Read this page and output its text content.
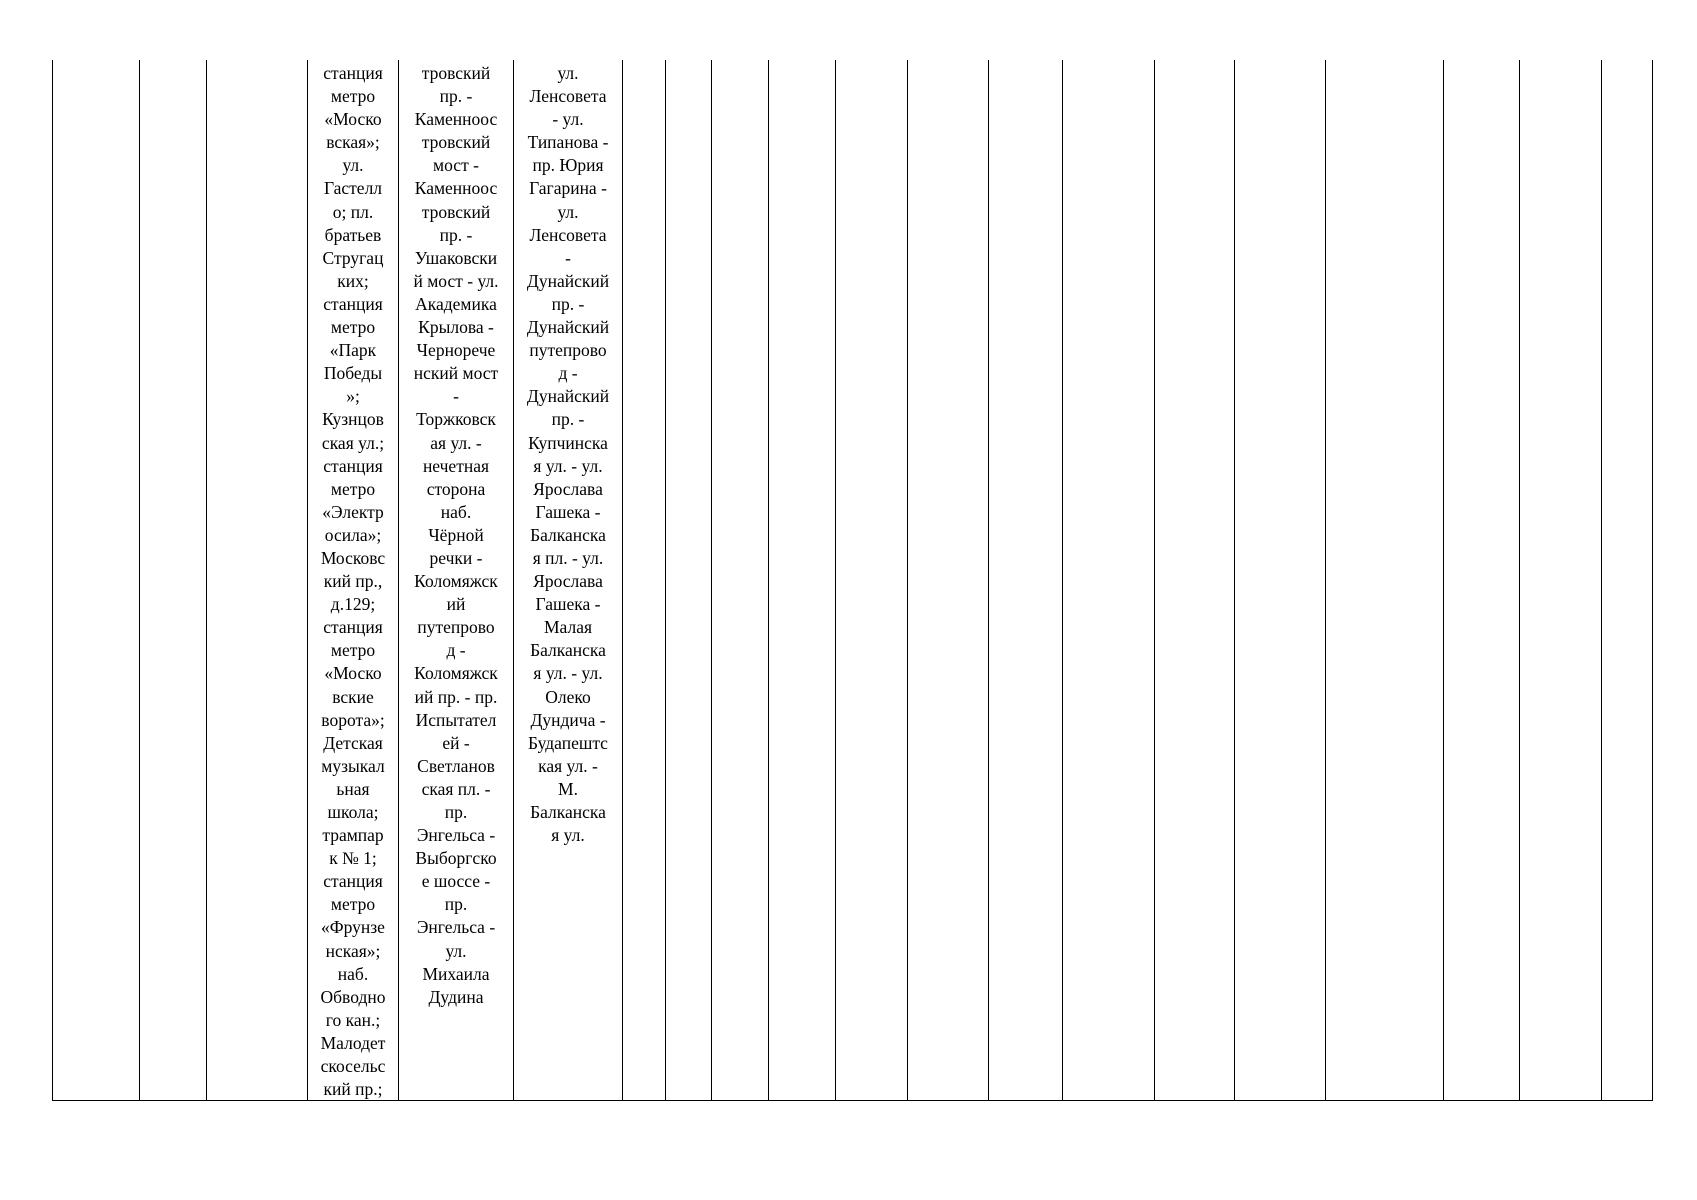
станция
метро
«Моско
вская»;
ул.
Гастелл
о; пл.
братьев
Стругац
ких;
станция
метро
«Парк
Победы
»;
Кузнцов
ская ул.;
станция
метро
«Электр
осила»;
Московс
кий пр.,
д.129;
станция
метро
«Моско
вские
ворота»;
Детская
музыкал
ьная
школа;
трампар
к № 1;
станция
метро
«Фрунзе
нская»;
наб.
Обводно
го кан.;
Малодет
скосельс
кий пр.;
тровский
пр. -
Каменноос
тровский
мост -
Каменноос
тровский
пр. -
Ушаковски
й мост - ул.
Академика
Крылова -
Чернорече
нский мост
-
Торжковск
ая ул. -
нечетная
сторона
наб.
Чёрной
речки -
Коломяжск
ий
путепрово
д -
Коломяжск
ий пр. - пр.
Испытател
ей -
Светланов
ская пл. -
пр.
Энгельса -
Выборгско
е шоссе -
пр.
Энгельса -
ул.
Михаила
Дудина
ул.
Ленсовета
- ул.
Типанова -
пр. Юрия
Гагарина -
ул.
Ленсовета
-
Дунайский
пр. -
Дунайский
путепрово
д -
Дунайский
пр. -
Купчинска
я ул. - ул.
Ярослава
Гашека -
Балканска
я пл. - ул.
Ярослава
Гашека -
Малая
Балканска
я ул. - ул.
Олеко
Дундича -
Будапештс
кая ул. -
М.
Балканска
я ул.
